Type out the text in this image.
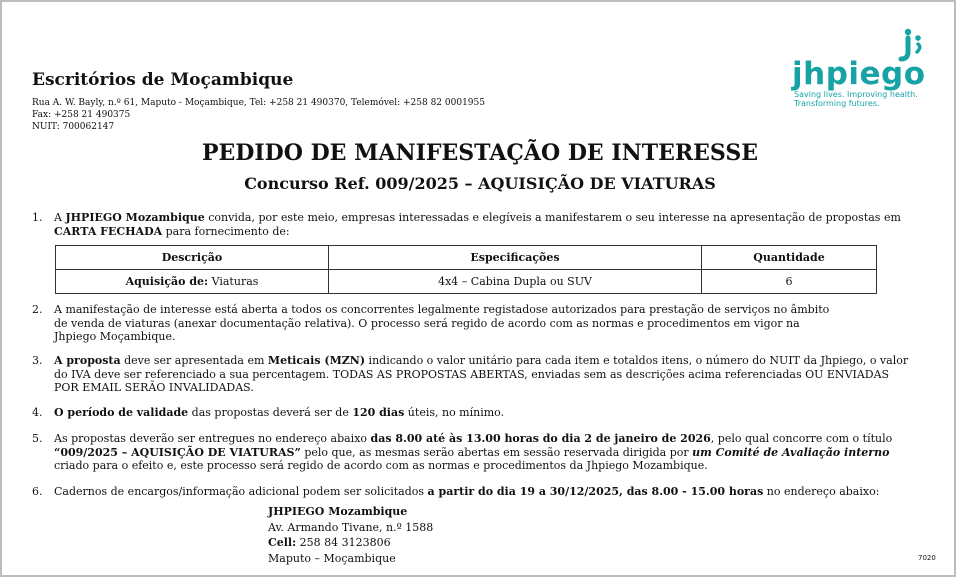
Escritórios de Moçambique
Rua A. W. Bayly, n.º 61, Maputo - Moçambique, Tel: +258 21 490370, Telemóvel: +258 82 0001955
Fax: +258 21 490375
NUIT: 700062147
jhpiego
Saving lives. Improving health.
Transforming futures.
PEDIDO DE MANIFESTAÇÃO DE INTERESSE
Concurso Ref. 009/2025 – AQUISIÇÃO DE VIATURAS
1.	A JHPIEGO Mozambique convida, por este meio, empresas interessadas e elegíveis a manifestarem o seu interesse na apresentação de propostas em CARTA FECHADA para fornecimento de:
Descrição	Especificações	Quantidade
Aquisição de: Viaturas	4x4 – Cabina Dupla ou SUV	6
2.	A manifestação de interesse está aberta a todos os concorrentes legalmente registadose autorizados para prestação de serviços no âmbito de venda de viaturas (anexar documentação relativa). O processo será regido de acordo com as normas e procedimentos em vigor na Jhpiego Moçambique.
3.	A proposta deve ser apresentada em Meticais (MZN) indicando o valor unitário para cada item e totaldos itens, o número do NUIT da Jhpiego, o valor do IVA deve ser referenciado a sua percentagem. TODAS AS PROPOSTAS ABERTAS, enviadas sem as descrições acima referenciadas OU ENVIADAS POR EMAIL SERÃO INVALIDADAS.
4.	O período de validade das propostas deverá ser de 120 dias úteis, no mínimo.
5.	As propostas deverão ser entregues no endereço abaixo das 8.00 até às 13.00 horas do dia 2 de janeiro de 2026, pelo qual concorre com o título “009/2025 – AQUISIÇÃO DE VIATURAS” pelo que, as mesmas serão abertas em sessão reservada dirigida por um Comité de Avaliação interno criado para o efeito e, este processo será regido de acordo com as normas e procedimentos da Jhpiego Mozambique.
6.	Cadernos de encargos/informação adicional podem ser solicitados a partir do dia 19 a 30/12/2025, das 8.00 - 15.00 horas no endereço abaixo:
JHPIEGO Mozambique
Av. Armando Tivane, n.º 1588
Cell: 258 84 3123806
Maputo – Moçambique	7020
